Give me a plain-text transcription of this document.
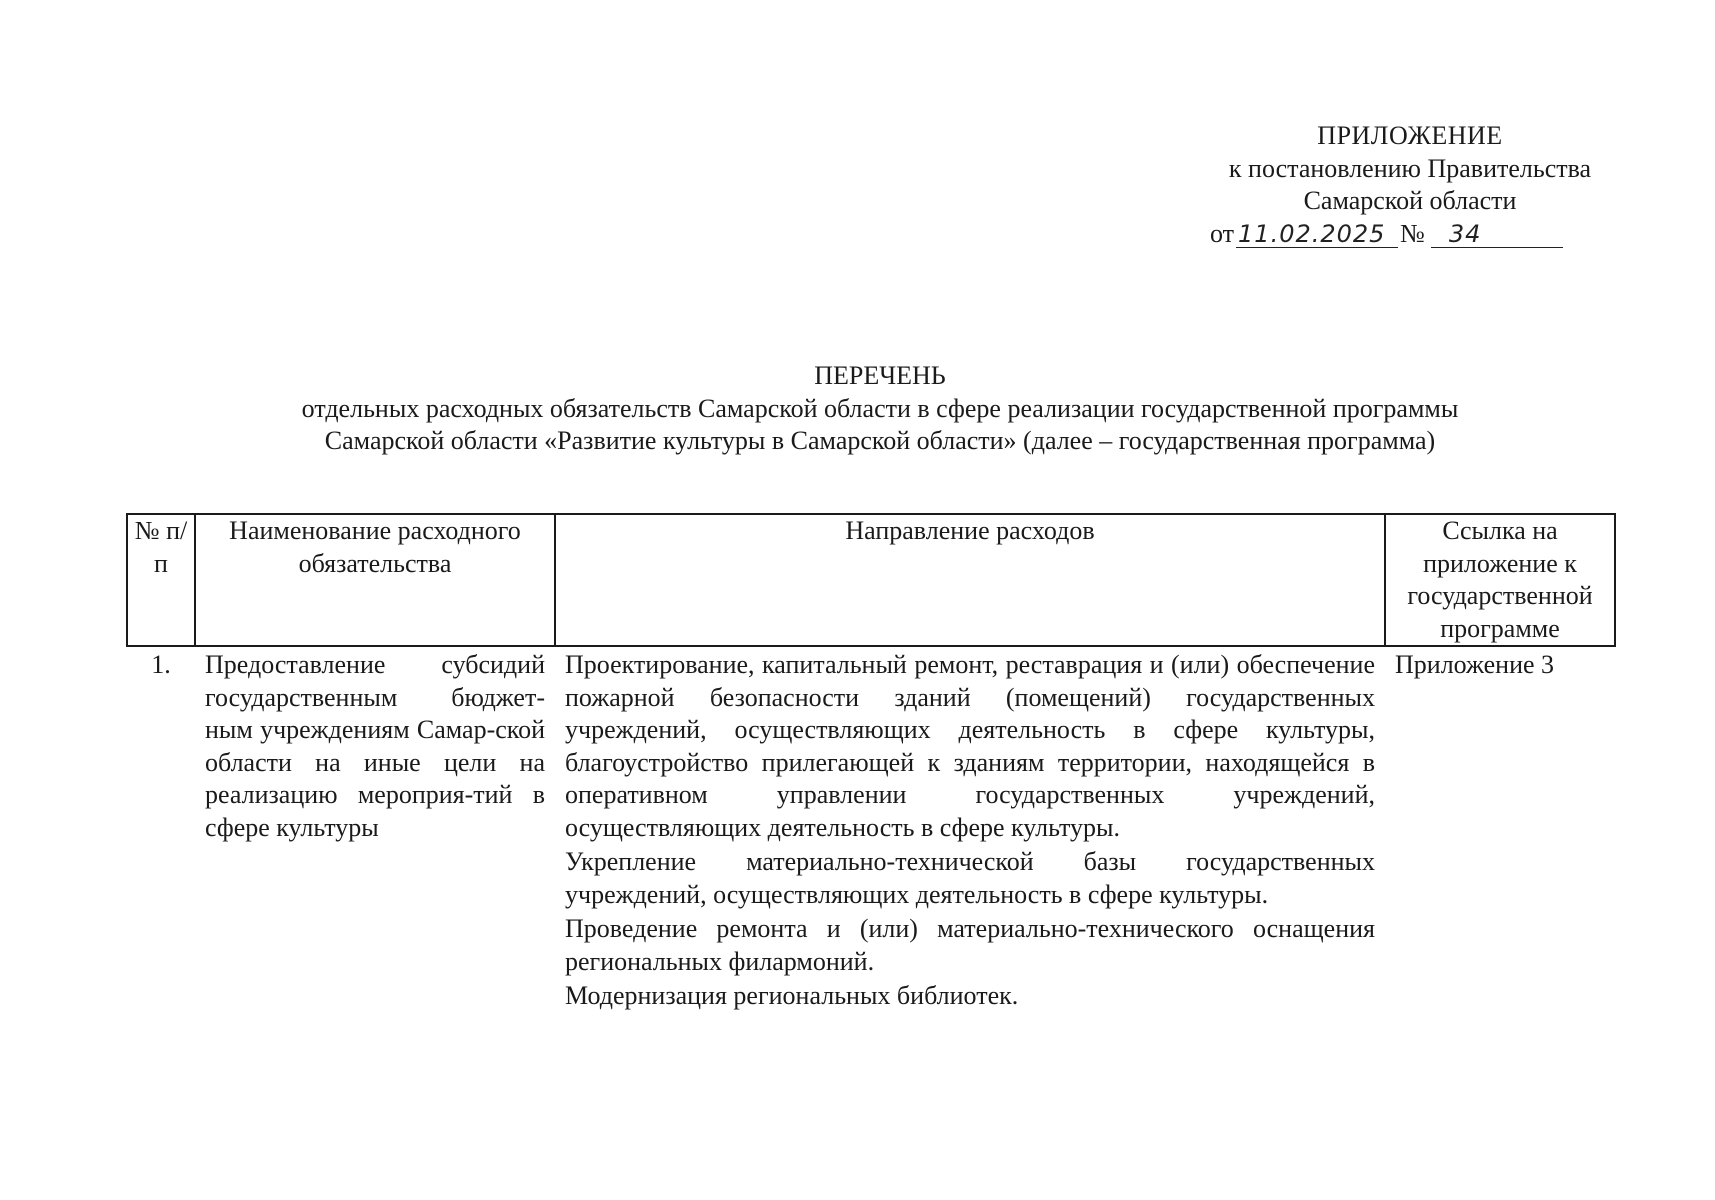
ПРИЛОЖЕНИЕ
к постановлению Правительства
Самарской области
от 11.02.2025 №	34
ПЕРЕЧЕНЬ
отдельных расходных обязательств Самарской области в сфере реализации государственной программы
Самарской области «Развитие культуры в Самарской области» (далее – государственная программа)
№ п/п	Наименование расходного обязательства	Направление расходов	Ссылка на приложение к государственной программе
1.	Предоставление субсидий государственным бюджет-ным учреждениям Самар-ской области на иные цели на реализацию мероприя-тий в сфере культуры	Проектирование, капитальный ремонт, реставрация и (или) обеспечение пожарной безопасности зданий (помещений) государственных учреждений, осуществляющих деятельность в сфере культуры, благоустройство прилегающей к зданиям территории, находящейся в оперативном управлении государственных учреждений, осуществляющих деятельность в сфере культуры.
Укрепление материально-технической базы государственных учреждений, осуществляющих деятельность в сфере культуры.
Проведение ремонта и (или) материально-технического оснащения региональных филармоний.
Модернизация региональных библиотек.	Приложение 3
